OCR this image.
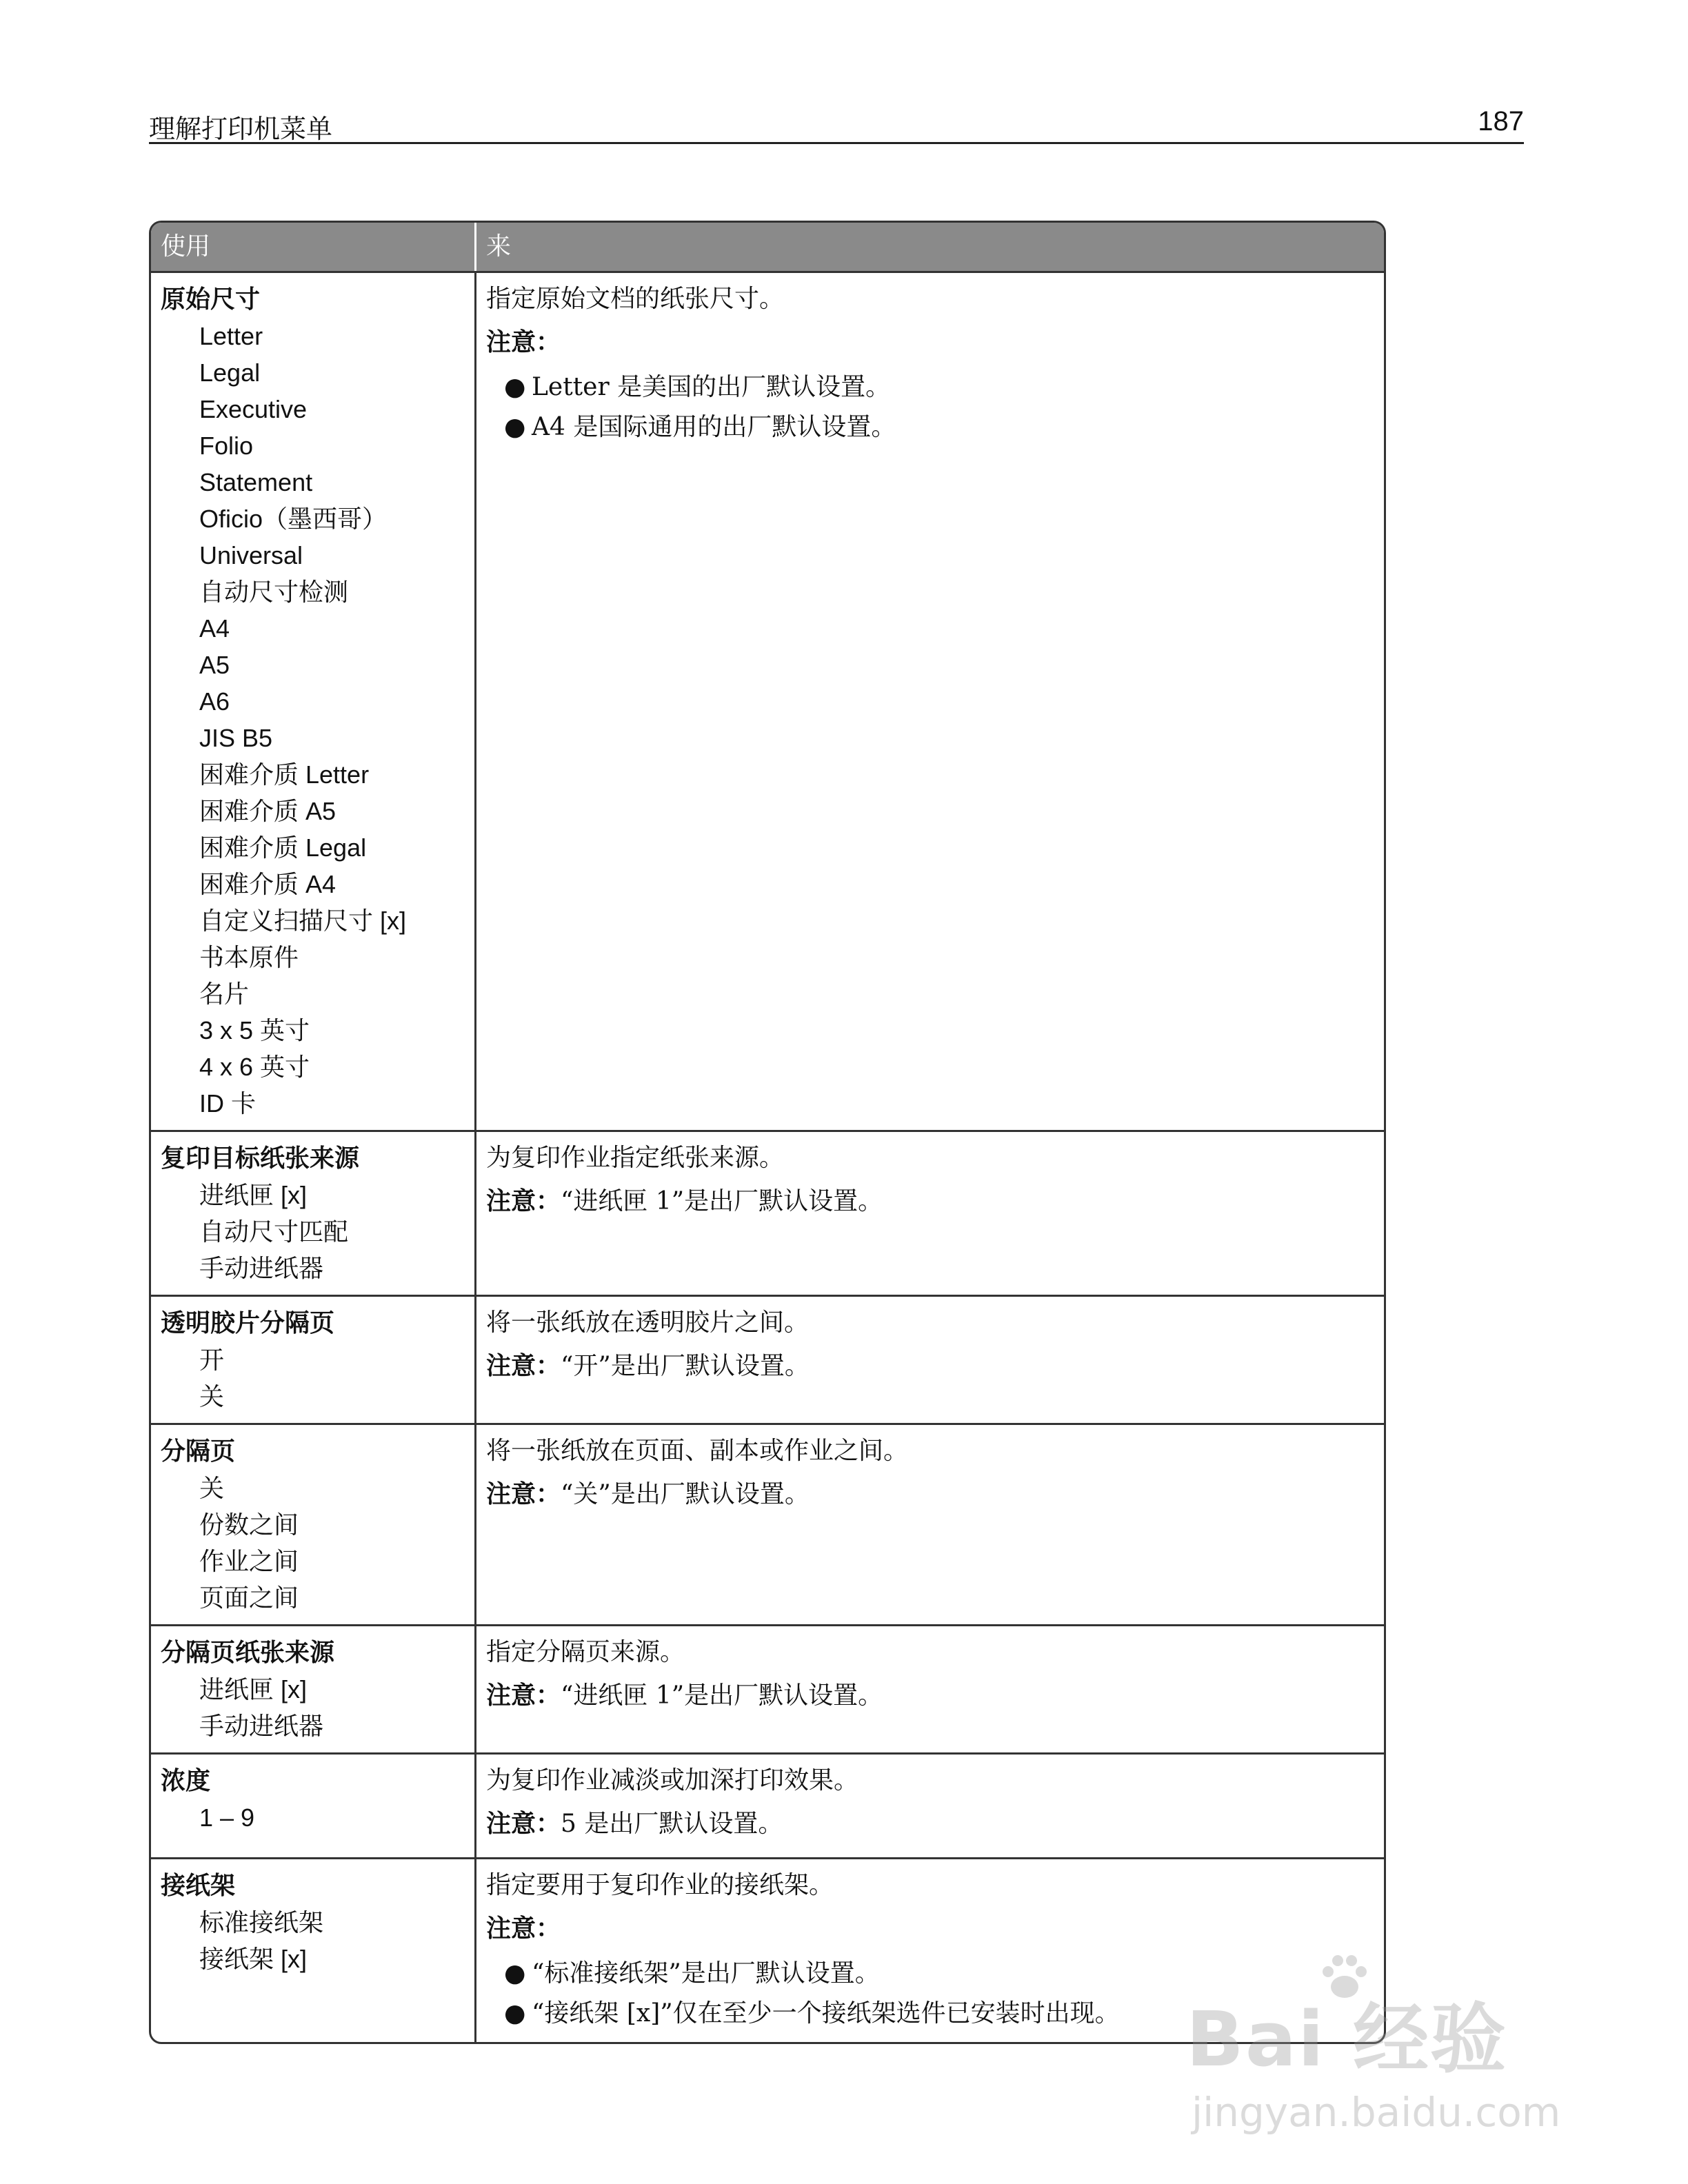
理解打印机菜单	187
使用	来
原始尺寸
Letter
Legal
Executive
Folio
Statement
Oficio（墨西哥）
Universal
自动尺寸检测
A4
A5
A6
JIS B5
困难介质 Letter
困难介质 A5
困难介质 Legal
困难介质 A4
自定义扫描尺寸 [x]
书本原件
名片
3 x 5 英寸
4 x 6 英寸
ID 卡
指定原始文档的纸张尺寸。
注意：
● Letter 是美国的出厂默认设置。
● A4 是国际通用的出厂默认设置。
复印目标纸张来源
进纸匣 [x]
自动尺寸匹配
手动进纸器
为复印作业指定纸张来源。
注意：“进纸匣 1”是出厂默认设置。
透明胶片分隔页
开
关
将一张纸放在透明胶片之间。
注意：“开”是出厂默认设置。
分隔页
关
份数之间
作业之间
页面之间
将一张纸放在页面、副本或作业之间。
注意：“关”是出厂默认设置。
分隔页纸张来源
进纸匣 [x]
手动进纸器
指定分隔页来源。
注意：“进纸匣 1”是出厂默认设置。
浓度
1 – 9
为复印作业减淡或加深打印效果。
注意：5 是出厂默认设置。
接纸架
标准接纸架
接纸架 [x]
指定要用于复印作业的接纸架。
注意：
● “标准接纸架”是出厂默认设置。
● “接纸架 [x]”仅在至少一个接纸架选件已安装时出现。 Bai 经验
jingyan.baidu.com
